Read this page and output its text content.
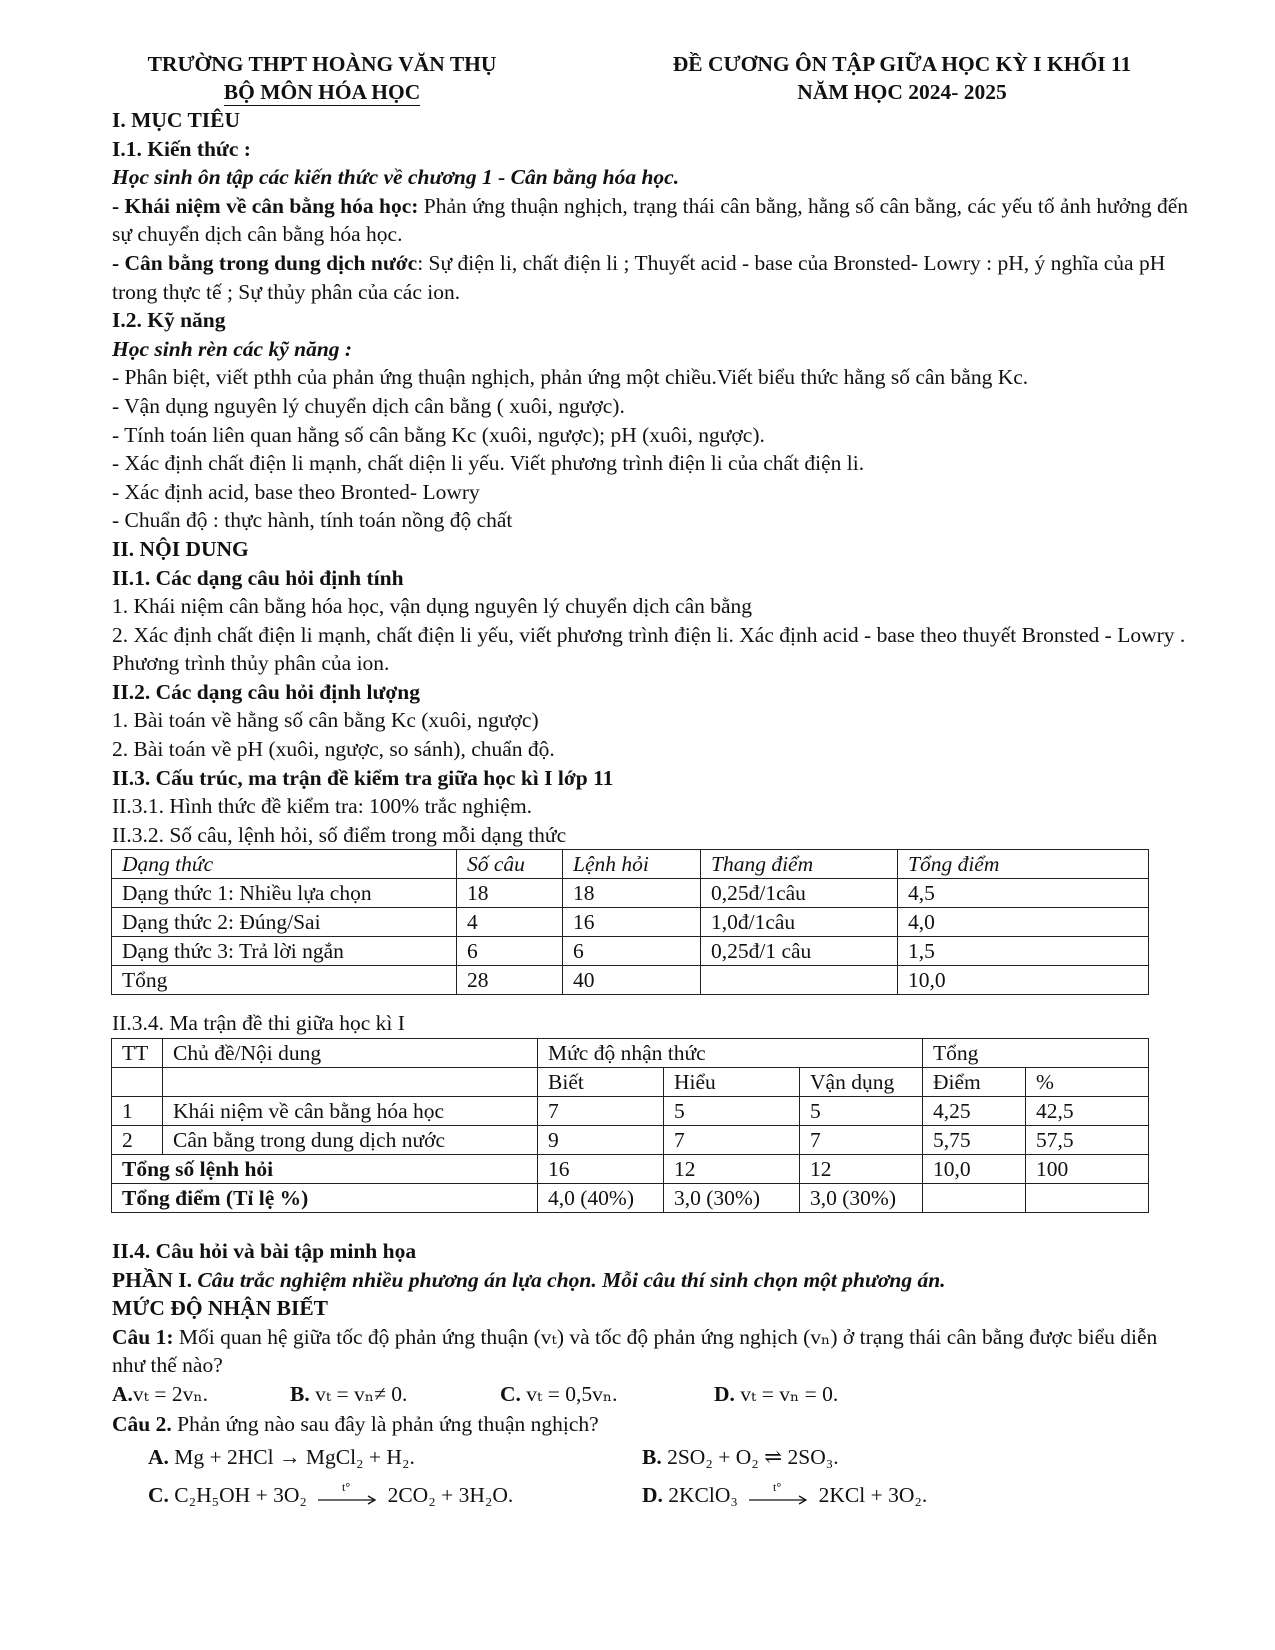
TRƯỜNG THPT HOÀNG VĂN THỤ
BỘ MÔN HÓA HỌC
ĐỀ CƯƠNG ÔN TẬP GIỮA HỌC KỲ I KHỐI 11
NĂM HỌC 2024- 2025
I. MỤC TIÊU
I.1. Kiến thức :
Học sinh ôn tập các kiến thức về chương 1 - Cân bằng hóa học.
- Khái niệm về cân bằng hóa học: Phản ứng thuận nghịch, trạng thái cân bằng, hằng số cân bằng, các yếu tố ảnh hưởng đến sự chuyển dịch cân bằng hóa học.
- Cân bằng trong dung dịch nước: Sự điện li, chất điện li ; Thuyết acid - base của Bronsted- Lowry : pH, ý nghĩa của pH trong thực tế ; Sự thủy phân của các ion.
I.2. Kỹ năng
Học sinh rèn các kỹ năng :
- Phân biệt, viết pthh của phản ứng thuận nghịch, phản ứng một chiều.Viết biểu thức hằng số cân bằng Kc.
- Vận dụng nguyên lý chuyển dịch cân bằng ( xuôi, ngược).
- Tính toán liên quan hằng số cân bằng Kc (xuôi, ngược); pH (xuôi, ngược).
- Xác định chất điện li mạnh, chất diện li yếu. Viết phương trình điện li của chất điện li.
- Xác định acid, base theo Bronted- Lowry
- Chuẩn độ : thực hành, tính toán nồng độ chất
II. NỘI DUNG
II.1. Các dạng câu hỏi định tính
1. Khái niệm cân bằng hóa học, vận dụng nguyên lý chuyển dịch cân bằng
2. Xác định chất điện li mạnh, chất điện li yếu, viết phương trình điện li. Xác định acid - base theo thuyết Bronsted - Lowry . Phương trình thủy phân của ion.
II.2. Các dạng câu hỏi định lượng
1. Bài toán về hằng số cân bằng Kc (xuôi, ngược)
2. Bài toán về pH (xuôi, ngược, so sánh), chuẩn độ.
II.3. Cấu trúc, ma trận đề kiểm tra giữa học kì I lớp 11
II.3.1. Hình thức đề kiểm tra: 100% trắc nghiệm.
II.3.2. Số câu, lệnh hỏi, số điểm trong mỗi dạng thức
Dạng thức	Số câu	Lệnh hỏi	Thang điểm	Tổng điểm
Dạng thức 1: Nhiều lựa chọn	18	18	0,25đ/1câu	4,5
Dạng thức 2: Đúng/Sai	4	16	1,0đ/1câu	4,0
Dạng thức 3: Trả lời ngắn	6	6	0,25đ/1 câu	1,5
Tổng	28	40		10,0
II.3.4. Ma trận đề thi giữa học kì I
TT	Chủ đề/Nội dung	Mức độ nhận thức			Tổng	
		Biết	Hiểu	Vận dụng	Điểm	%
1	Khái niệm về cân bằng hóa học	7	5	5	4,25	42,5
2	Cân bằng trong dung dịch nước	9	7	7	5,75	57,5
Tổng số lệnh hỏi		16	12	12	10,0	100
Tổng điểm (Tỉ lệ %)		4,0 (40%)	3,0 (30%)	3,0 (30%)		
II.4. Câu hỏi và bài tập minh họa
PHẦN I. Câu trắc nghiệm nhiều phương án lựa chọn. Mỗi câu thí sinh chọn một phương án.
MỨC ĐỘ NHẬN BIẾT
Câu 1: Mối quan hệ giữa tốc độ phản ứng thuận (vₜ) và tốc độ phản ứng nghịch (vₙ) ở trạng thái cân bằng được biểu diễn như thế nào?
A.vₜ = 2vₙ.	B. vₜ = vₙ≠ 0.	C. vₜ = 0,5vₙ.	D. vₜ = vₙ = 0.
Câu 2. Phản ứng nào sau đây là phản ứng thuận nghịch?
A. Mg + 2HCl → MgCl₂ + H₂.	B. 2SO₂ + O₂ ⇌ 2SO₃.
C. C₂H₅OH + 3O₂	t° 2CO₂ + 3H₂O.	D. 2KClO₃	t° 2KCl + 3O₂.
